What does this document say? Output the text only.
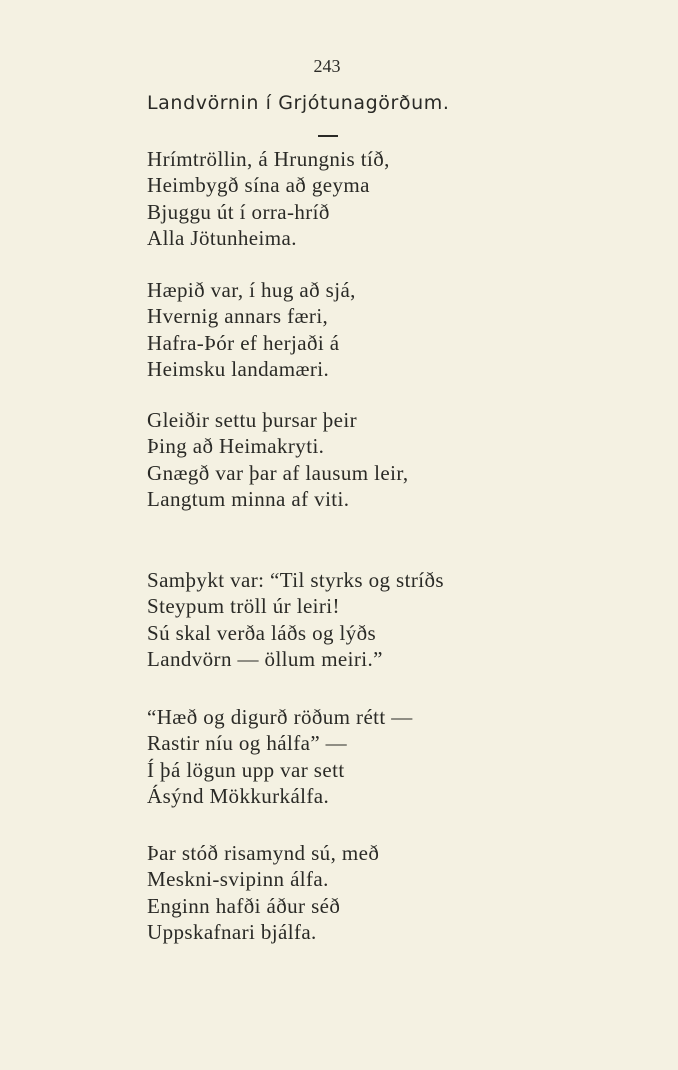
243
Landvörnin í Grjótunagörðum.
Hrímtröllin, á Hrungnis tíð,
Heimbygð sína að geyma
Bjuggu út í orra-hríð
Alla Jötunheima.
Hæpið var, í hug að sjá,
Hvernig annars færi,
Hafra-Þór ef herjaði á
Heimsku landamæri.
Gleiðir settu þursar þeir
Þing að Heimakryti.
Gnægð var þar af lausum leir,
Langtum minna af viti.
Samþykt var: “Til styrks og stríðs
Steypum tröll úr leiri!
Sú skal verða láðs og lýðs
Landvörn — öllum meiri.”
“Hæð og digurð röðum rétt —
Rastir níu og hálfa” —
Í þá lögun upp var sett
Ásýnd Mökkurkálfa.
Þar stóð risamynd sú, með
Meskni-svipinn álfa.
Enginn hafði áður séð
Uppskafnari bjálfa.
